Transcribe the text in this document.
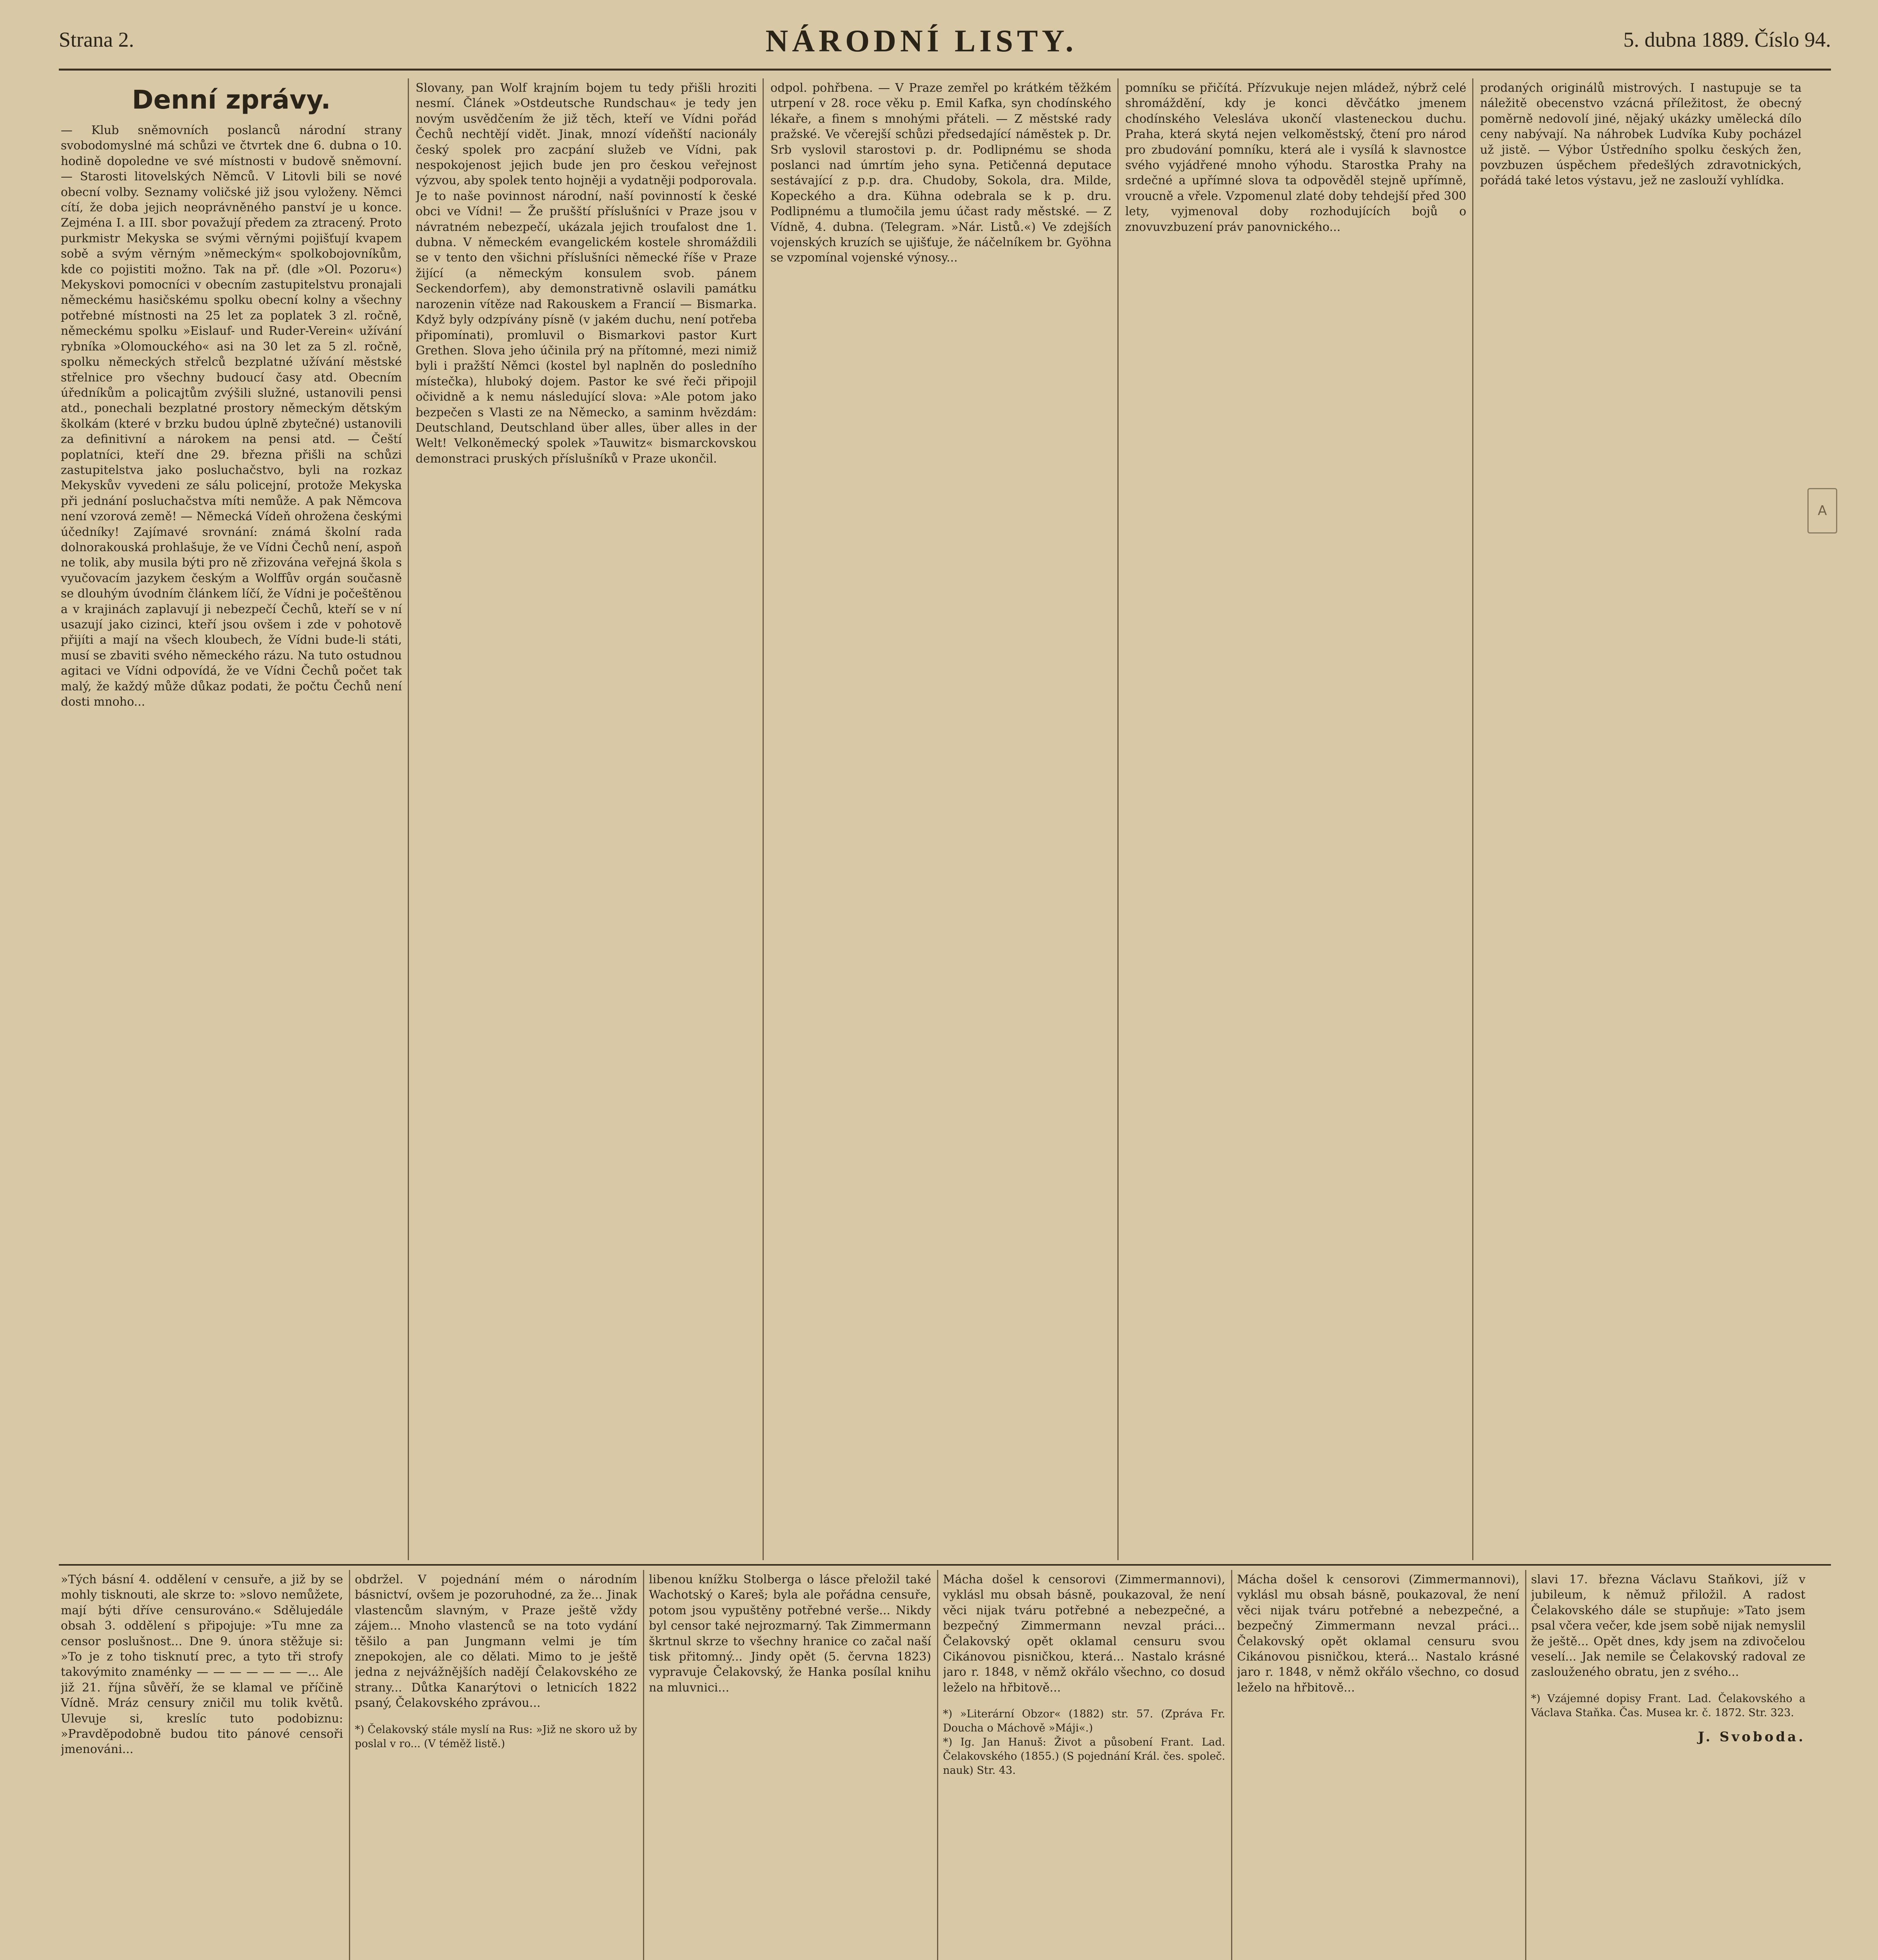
Strana 2.	NÁRODNÍ LISTY.	5. dubna 1889. Číslo 94.
Denní zprávy.
— Klub sněmovních poslanců národní strany svobodomyslné má schůzi ve čtvrtek dne 6. dubna o 10. hodině dopoledne ve své místnosti v budově sněmovní. — Starosti litovelských Němců. V Litovli bili se nové obecní volby. Seznamy voličské již jsou vyloženy. Němci cítí, že doba jejich neoprávněného panství je u konce. Zejména I. a III. sbor považují předem za ztracený. Proto purkmistr Mekyska se svými věrnými pojišťují kvapem sobě a svým věrným »německým« spolkobojovníkům, kde co pojistiti možno. Tak na př. (dle »Ol. Pozoru«) Mekyskovi pomocníci v obecním zastupitelstvu pronajali německému hasičskému spolku obecní kolny a všechny potřebné místnosti na 25 let za poplatek 3 zl. ročně, německému spolku »Eislauf- und Ruder-Verein« užívání rybníka »Olomouckého« asi na 30 let za 5 zl. ročně, spolku německých střelců bezplatné užívání městské střelnice pro všechny budoucí časy atd. Obecním úředníkům a policajtům zvýšili služné, ustanovili pensi atd., ponechali bezplatné prostory německým dětským školkám (které v brzku budou úplně zbytečné) ustanovili za definitivní a nárokem na pensi atd. — Čeští poplatníci, kteří dne 29. března přišli na schůzi zastupitelstva jako posluchačstvo, byli na rozkaz Mekyskův vyvedeni ze sálu policejní, protože Mekyska při jednání posluchačstva míti nemůže. A pak Němcova není vzorová země! — Německá Vídeň ohrožena českými účedníky! Zajímavé srovnání: známá školní rada dolnorakouská prohlašuje, že ve Vídni Čechů není, aspoň ne tolik, aby musila býti pro ně zřizována veřejná škola s vyučovacím jazykem českým a Wolffův orgán současně se dlouhým úvodním článkem líčí, že Vídni je počeštěnou a v krajinách zaplavují ji nebezpečí Čechů, kteří se v ní usazují jako cizinci, kteří jsou ovšem i zde v pohotově přijíti a mají na všech kloubech, že Vídni bude-li státi, musí se zbaviti svého německého rázu. Na tuto ostudnou agitaci ve Vídni odpovídá, že ve Vídni Čechů počet tak malý, že každý může důkaz podati, že počtu Čechů není dosti mnoho...
Slovany, pan Wolf krajním bojem tu tedy přišli hroziti nesmí. Článek »Ostdeutsche Rundschau« je tedy jen novým usvědčením že již těch, kteří ve Vídni pořád Čechů nechtějí vidět. Jinak, mnozí vídeňští nacionály český spolek pro zacpání služeb ve Vídni, pak nespokojenost jejich bude jen pro českou veřejnost výzvou, aby spolek tento hojněji a vydatněji podporovala. Je to naše povinnost národní, naší povinností k české obci ve Vídni! — Že prušští příslušníci v Praze jsou v návratném nebezpečí, ukázala jejich troufalost dne 1. dubna. V německém evangelickém kostele shromáždili se v tento den všichni příslušníci německé říše v Praze žijící (a německým konsulem svob. pánem Seckendorfem), aby demonstrativně oslavili památku narozenin vítěze nad Rakouskem a Francií — Bismarka. Když byly odzpívány písně (v jakém duchu, není potřeba připomínati), promluvil o Bismarkovi pastor Kurt Grethen. Slova jeho účinila prý na přítomné, mezi nimiž byli i pražští Němci (kostel byl naplněn do posledního místečka), hluboký dojem. Pastor ke své řeči připojil očividně a k nemu následující slova: »Ale potom jako bezpečen s Vlasti ze na Německo, a saminm hvězdám: Deutschland, Deutschland über alles, über alles in der Welt! Velkoněmecký spolek »Tauwitz« bismarckovskou demonstraci pruských příslušníků v Praze ukončil.
odpol. pohřbena. — V Praze zemřel po krátkém těžkém utrpení v 28. roce věku p. Emil Kafka, syn chodínského lékaře, a finem s mnohými přáteli. — Z městské rady pražské. Ve včerejší schůzi předsedající náměstek p. Dr. Srb vyslovil starostovi p. dr. Podlipnému se shoda poslanci nad úmrtím jeho syna. Petičenná deputace sestávající z p.p. dra. Chudoby, Sokola, dra. Milde, Kopeckého a dra. Kühna odebrala se k p. dru. Podlipnému a tlumočila jemu účast rady městské. — Z Vídně, 4. dubna. (Telegram. »Nár. Listů.«) Ve zdejších vojenských kruzích se ujišťuje, že náčelníkem br. Gyöhna se vzpomínal vojenské výnosy...
pomníku se přičítá. Přízvukuje nejen mládež, nýbrž celé shromáždění, kdy je konci děvčátko jmenem chodínského Velesláva ukončí vlasteneckou duchu. Praha, která skytá nejen velkoměstský, čtení pro národ pro zbudování pomníku, která ale i vysílá k slavnostce svého vyjádřené mnoho výhodu. Starostka Prahy na srdečné a upřímné slova ta odpověděl stejně upřímně, vroucně a vřele. Vzpomenul zlaté doby tehdejší před 300 lety, vyjmenoval doby rozhodujících bojů o znovuvzbuzení práv panovnického...
prodaných originálů mistrových. I nastupuje se ta náležitě obecenstvo vzácná příležitost, že obecný poměrně nedovolí jiné, nějaký ukázky umělecká dílo ceny nabývají. Na náhrobek Ludvíka Kuby pocházel už jistě. — Výbor Ústředního spolku českých žen, povzbuzen úspěchem předešlých zdravotnických, pořádá také letos výstavu, jež ne zaslouží vyhlídka.
A
»Tých básní 4. oddělení v censuře, a již by se mohly tisknouti, ale skrze to: »slovo nemůžete, mají býti dříve censurováno.« Sdělujedále obsah 3. oddělení s připojuje: »Tu mne za censor poslušnost... Dne 9. února stěžuje si: »To je z toho tisknutí prec, a tyto tři strofy takovýmito znaménky — — — — — — —... Ale již 21. října sůvěří, že se klamal ve příčině Vídně. Mráz censury zničil mu tolik květů. Ulevuje si, kreslíc tuto podobiznu: »Pravděpodobně budou tito pánové censoři jmenováni...
obdržel. V pojednání mém o národním básnictví, ovšem je pozoruhodné, za že... Jinak vlastencům slavným, v Praze ještě vždy zájem... Mnoho vlastenců se na toto vydání těšilo a pan Jungmann velmi je tím znepokojen, ale co dělati. Mimo to je ještě jedna z nejvážnějších nadějí Čelakovského ze strany... Důtka Kanarýtovi o letnicích 1822 psaný, Čelakovského zprávou...
*) Čelakovský stále myslí na Rus: »Již ne skoro už by poslal v ro... (V téměž listě.)
libenou knížku Stolberga o lásce přeložil také Wachotský o Kareš; byla ale pořádna censuře, potom jsou vypuštěny potřebné verše... Nikdy byl censor také nejrozmarný. Tak Zimmermann škrtnul skrze to všechny hranice co začal naší tisk přitomný... Jindy opět (5. června 1823) vypravuje Čelakovský, že Hanka posílal knihu na mluvnici...
Mácha došel k censorovi (Zimmermannovi), vyklásl mu obsah básně, poukazoval, že není věci nijak tváru potřebné a nebezpečné, a bezpečný Zimmermann nevzal práci... Čelakovský opět oklamal censuru svou Cikánovou pisničkou, která... Nastalo krásné jaro r. 1848, v němž okřálo všechno, co dosud leželo na hřbitově...
*) »Literární Obzor« (1882) str. 57. (Zpráva Fr. Doucha o Máchově »Máji«.)
*) Ig. Jan Hanuš: Život a působení Frant. Lad. Čelakovského (1855.) (S pojednání Král. čes. společ. nauk) Str. 43.
Mácha došel k censorovi (Zimmermannovi), vyklásl mu obsah básně, poukazoval, že není věci nijak tváru potřebné a nebezpečné, a bezpečný Zimmermann nevzal práci... Čelakovský opět oklamal censuru svou Cikánovou pisničkou, která... Nastalo krásné jaro r. 1848, v němž okřálo všechno, co dosud leželo na hřbitově...
slavi 17. března Václavu Staňkovi, jíž v jubileum, k němuž přiložil. A radost Čelakovského dále se stupňuje: »Tato jsem psal včera večer, kde jsem sobě nijak nemyslil že ještě... Opět dnes, kdy jsem na zdivočelou veselí... Jak nemile se Čelakovský radoval ze zaslouženého obratu, jen z svého...
*) Vzájemné dopisy Frant. Lad. Čelakovského a Václava Staňka. Čas. Musea kr. č. 1872. Str. 323.
J. Svoboda.
